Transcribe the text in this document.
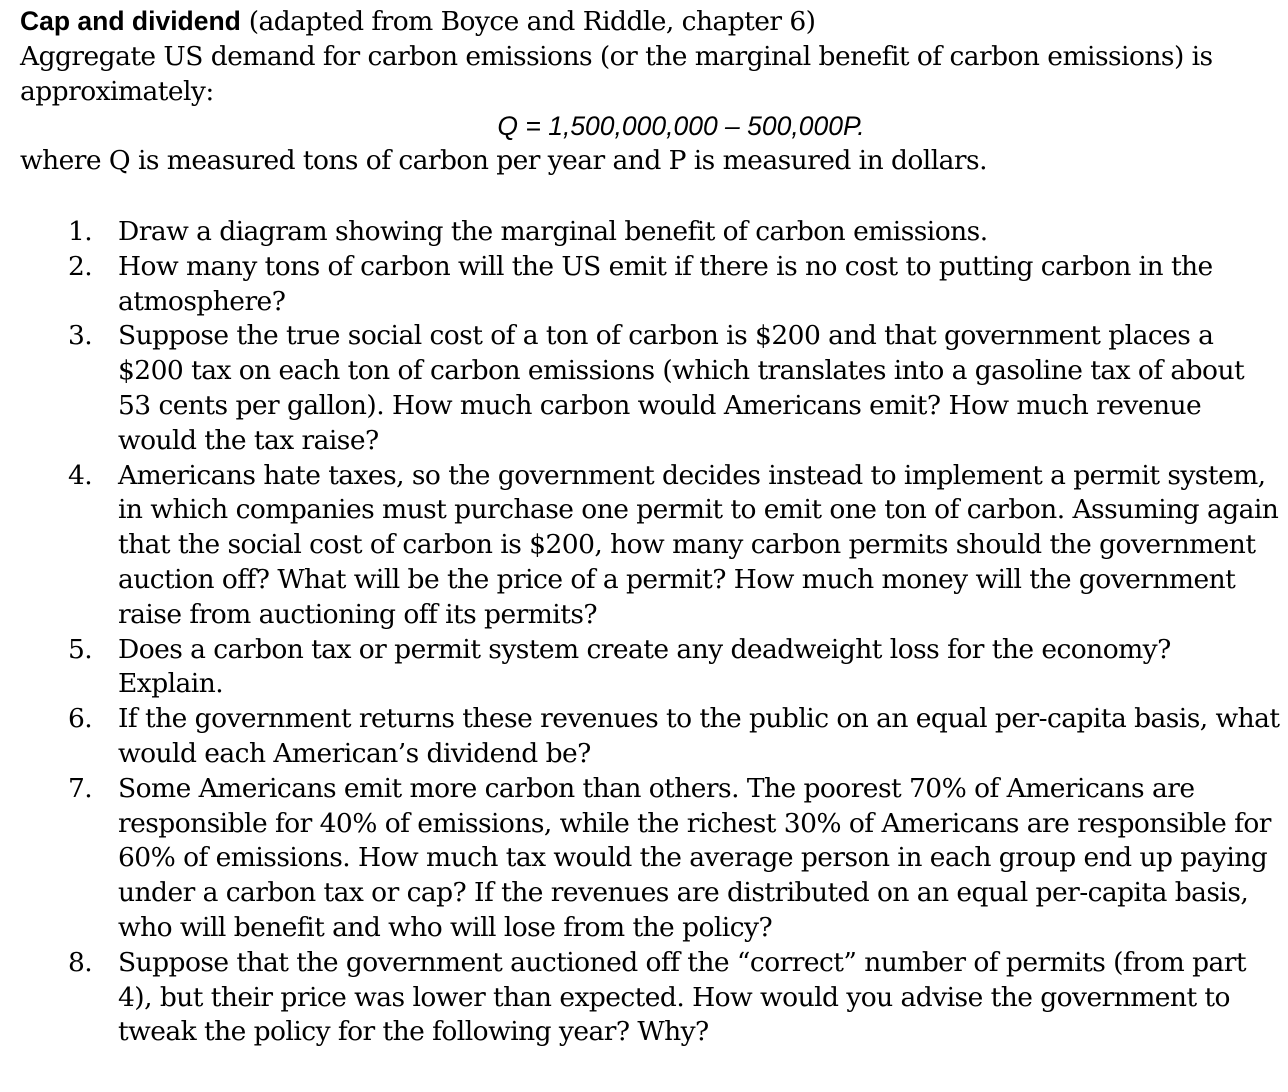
Cap and dividend (adapted from Boyce and Riddle, chapter 6)
Aggregate US demand for carbon emissions (or the marginal benefit of carbon emissions) is approximately:
Q = 1,500,000,000 – 500,000P.
where Q is measured tons of carbon per year and P is measured in dollars.
1. Draw a diagram showing the marginal benefit of carbon emissions.
2. How many tons of carbon will the US emit if there is no cost to putting carbon in the atmosphere?
3. Suppose the true social cost of a ton of carbon is $200 and that government places a $200 tax on each ton of carbon emissions (which translates into a gasoline tax of about 53 cents per gallon). How much carbon would Americans emit? How much revenue would the tax raise?
4. Americans hate taxes, so the government decides instead to implement a permit system, in which companies must purchase one permit to emit one ton of carbon. Assuming again that the social cost of carbon is $200, how many carbon permits should the government auction off? What will be the price of a permit? How much money will the government raise from auctioning off its permits?
5. Does a carbon tax or permit system create any deadweight loss for the economy? Explain.
6. If the government returns these revenues to the public on an equal per-capita basis, what would each American’s dividend be?
7. Some Americans emit more carbon than others. The poorest 70% of Americans are responsible for 40% of emissions, while the richest 30% of Americans are responsible for 60% of emissions. How much tax would the average person in each group end up paying under a carbon tax or cap? If the revenues are distributed on an equal per-capita basis, who will benefit and who will lose from the policy?
8. Suppose that the government auctioned off the “correct” number of permits (from part 4), but their price was lower than expected. How would you advise the government to tweak the policy for the following year? Why?
